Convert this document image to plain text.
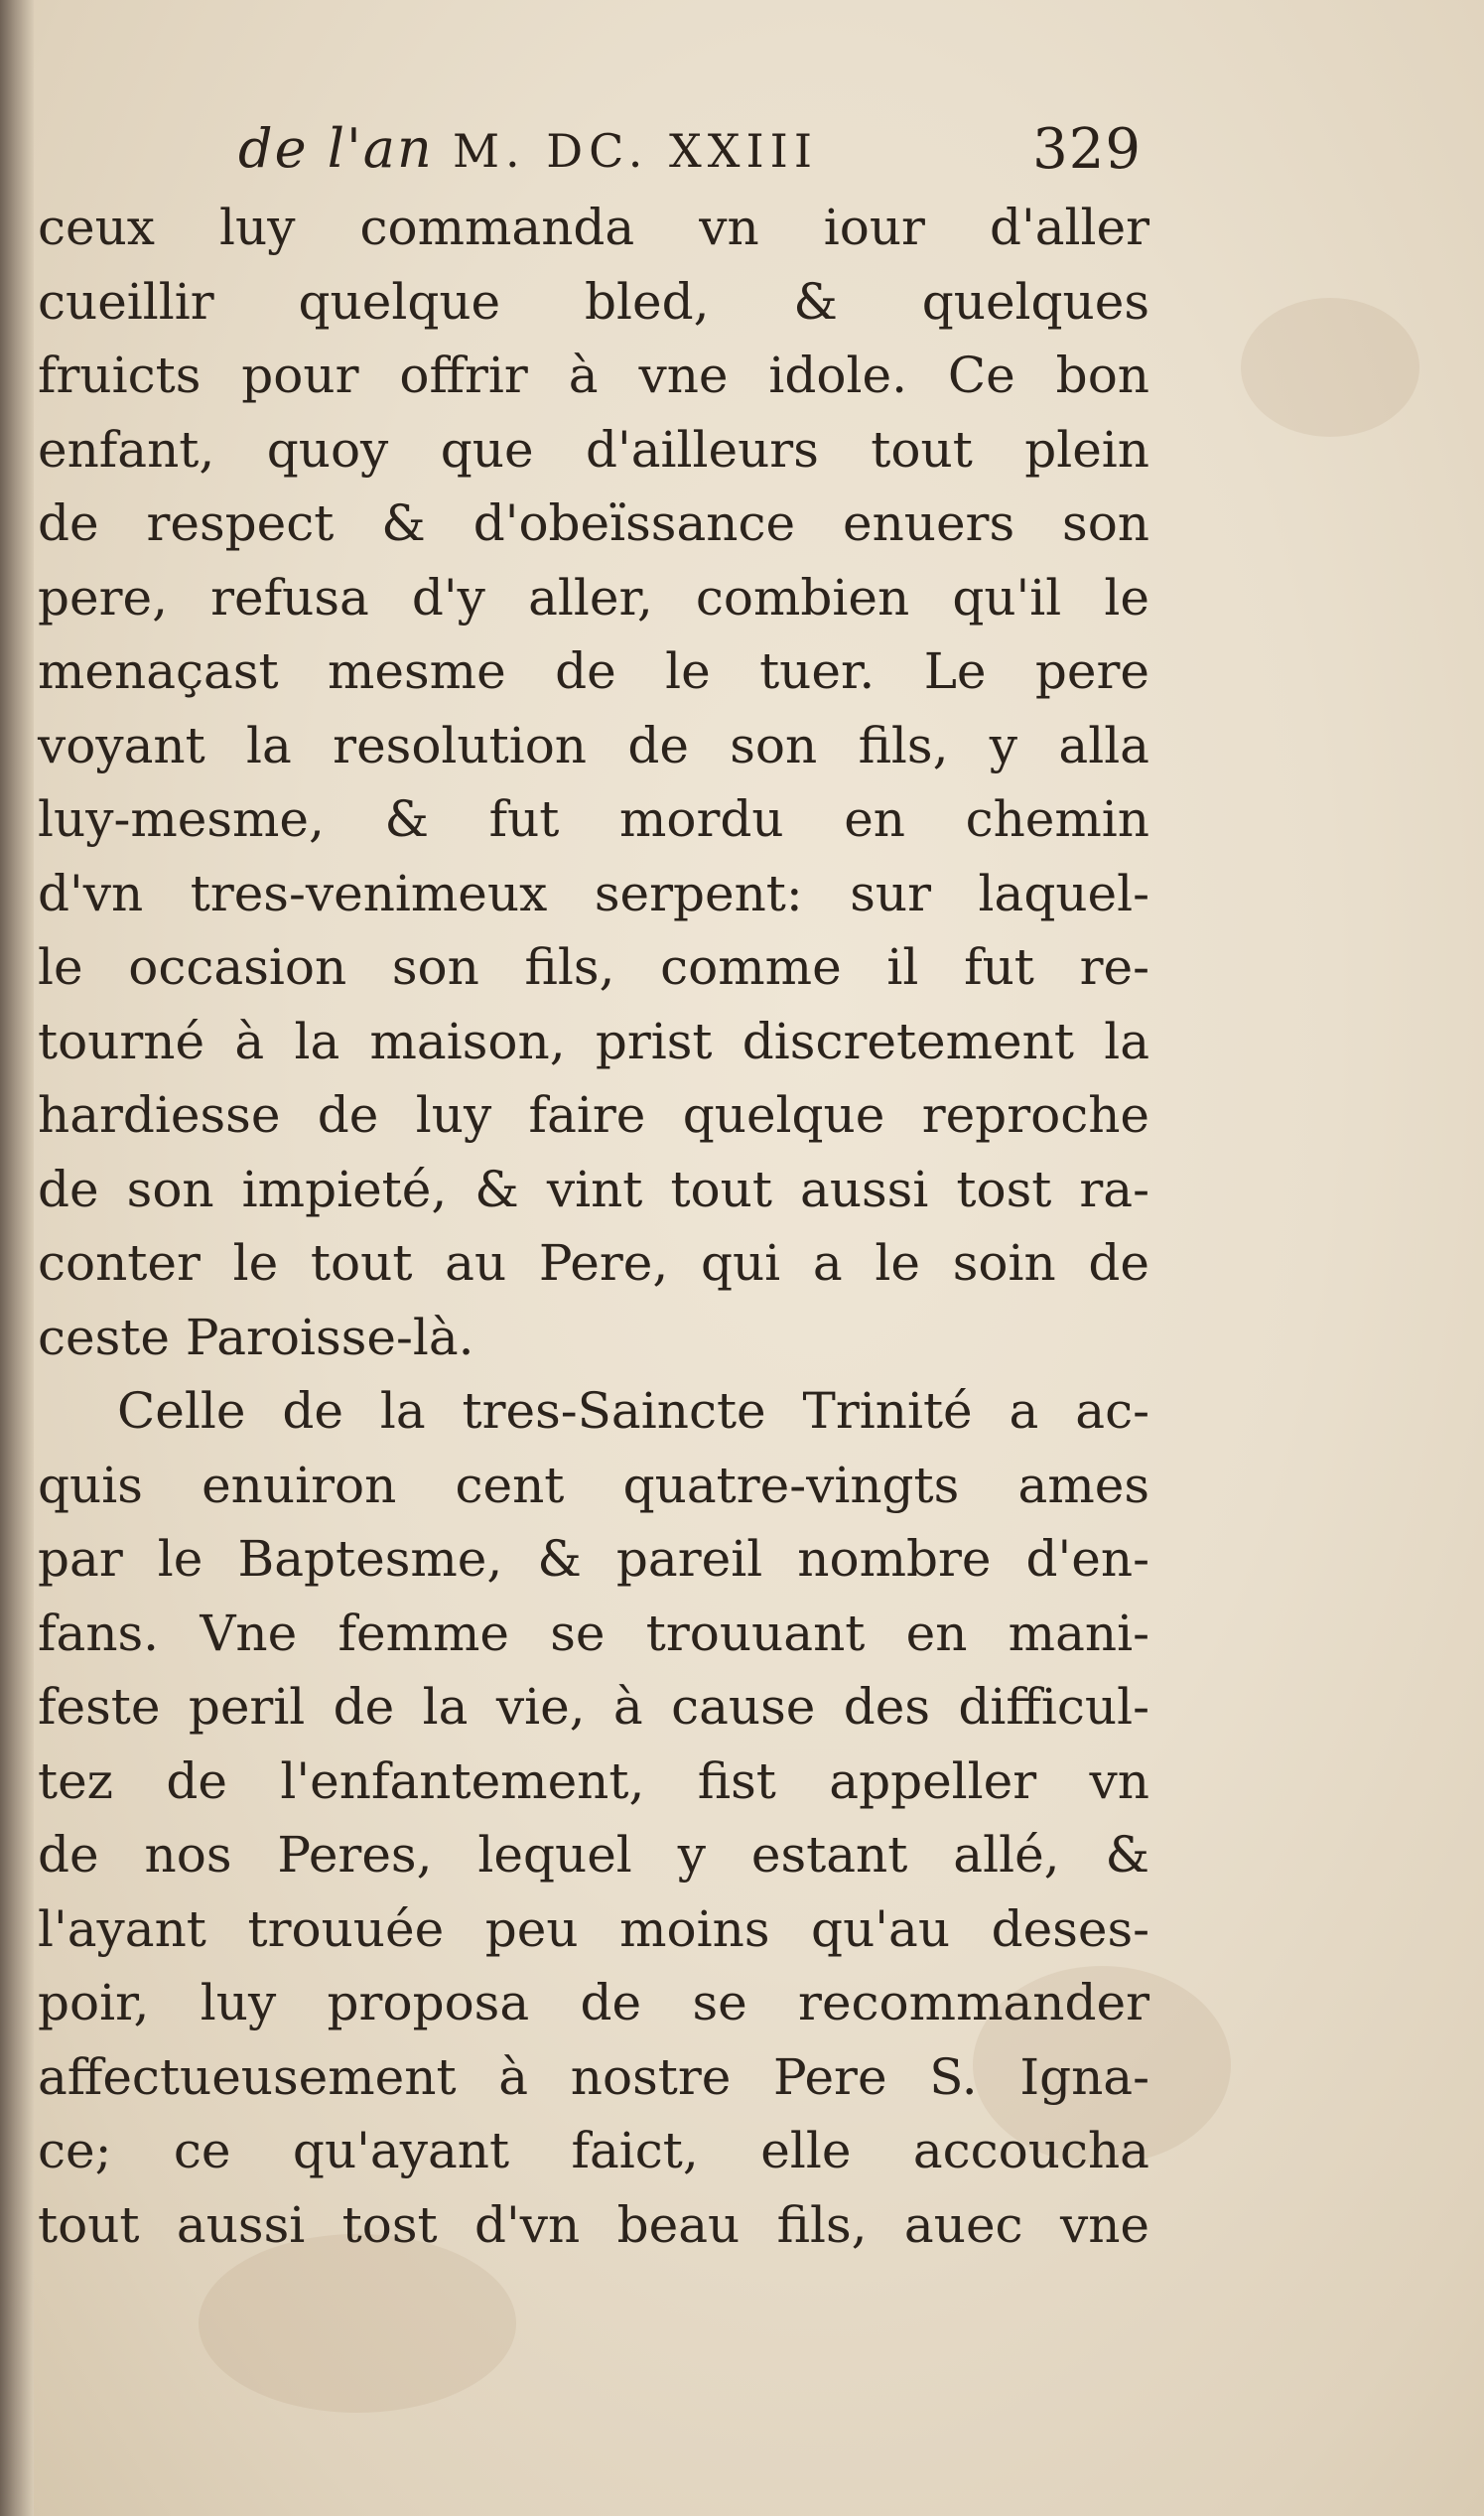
de l'an M. DC. XXIII	329
ceux luy commanda vn iour d'aller
cueillir quelque bled, & quelques
fruicts pour offrir à vne idole. Ce bon
enfant, quoy que d'ailleurs tout plein
de respect & d'obeïssance enuers son
pere, refusa d'y aller, combien qu'il le
menaçast mesme de le tuer. Le pere
voyant la resolution de son fils, y alla
luy-mesme, & fut mordu en chemin
d'vn tres-venimeux serpent: sur laquel-
le occasion son fils, comme il fut re-
tourné à la maison, prist discretement la
hardiesse de luy faire quelque reproche
de son impieté, & vint tout aussi tost ra-
conter le tout au Pere, qui a le soin de
ceste Paroisse-là.
Celle de la tres-Saincte Trinité a ac-
quis enuiron cent quatre-vingts ames
par le Baptesme, & pareil nombre d'en-
fans. Vne femme se trouuant en mani-
feste peril de la vie, à cause des difficul-
tez de l'enfantement, fist appeller vn
de nos Peres, lequel y estant allé, &
l'ayant trouuée peu moins qu'au deses-
poir, luy proposa de se recommander
affectueusement à nostre Pere S. Igna-
ce; ce qu'ayant faict, elle accoucha
tout aussi tost d'vn beau fils, auec vne
